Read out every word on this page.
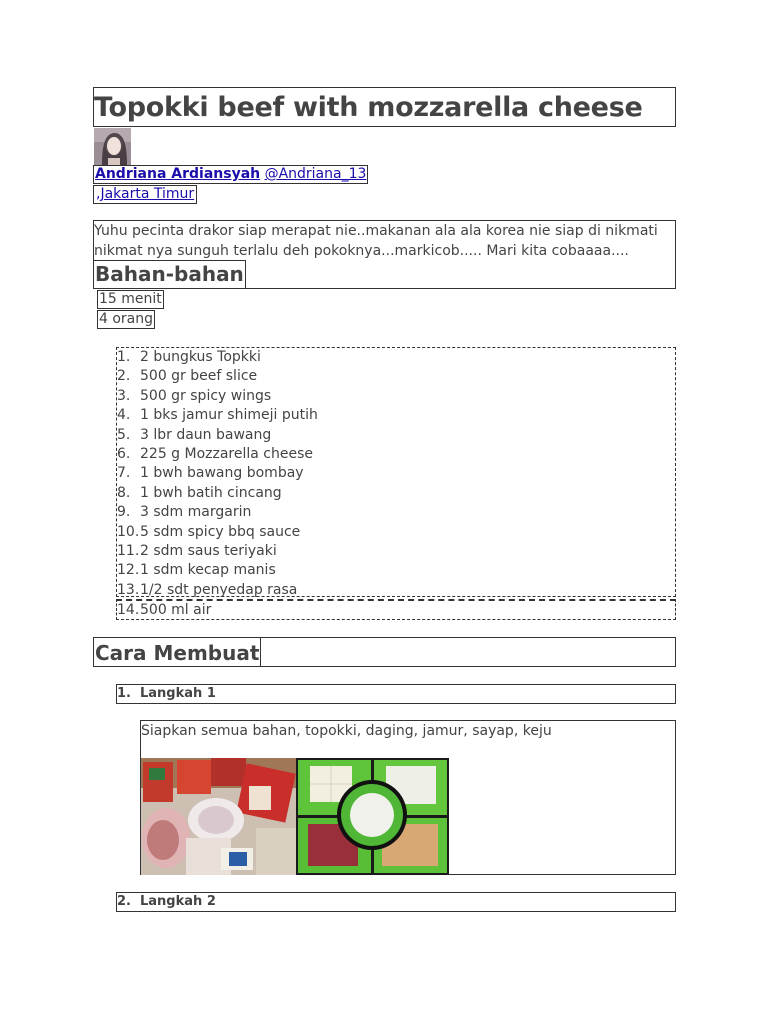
Topokki beef with mozzarella cheese
Andriana Ardiansyah @Andriana_13
,Jakarta Timur

Yuhu pecinta drakor siap merapat nie..makanan ala ala korea nie siap di nikmati nikmat nya sunguh terlalu deh pokoknya...markicob..... Mari kita cobaaaa....

Bahan-bahan
15 menit
4 orang
1. 2 bungkus Topkki
2. 500 gr beef slice
3. 500 gr spicy wings
4. 1 bks jamur shimeji putih
5. 3 lbr daun bawang
6. 225 g Mozzarella cheese
7. 1 bwh bawang bombay
8. 1 bwh batih cincang
9. 3 sdm margarin
10.5 sdm spicy bbq sauce
11.2 sdm saus teriyaki
12.1 sdm kecap manis
13.1/2 sdt penyedap rasa
14.500 ml air
Cara Membuat
1. Langkah 1

Siapkan semua bahan, topokki, daging, jamur, sayap, keju

2. Langkah 2
